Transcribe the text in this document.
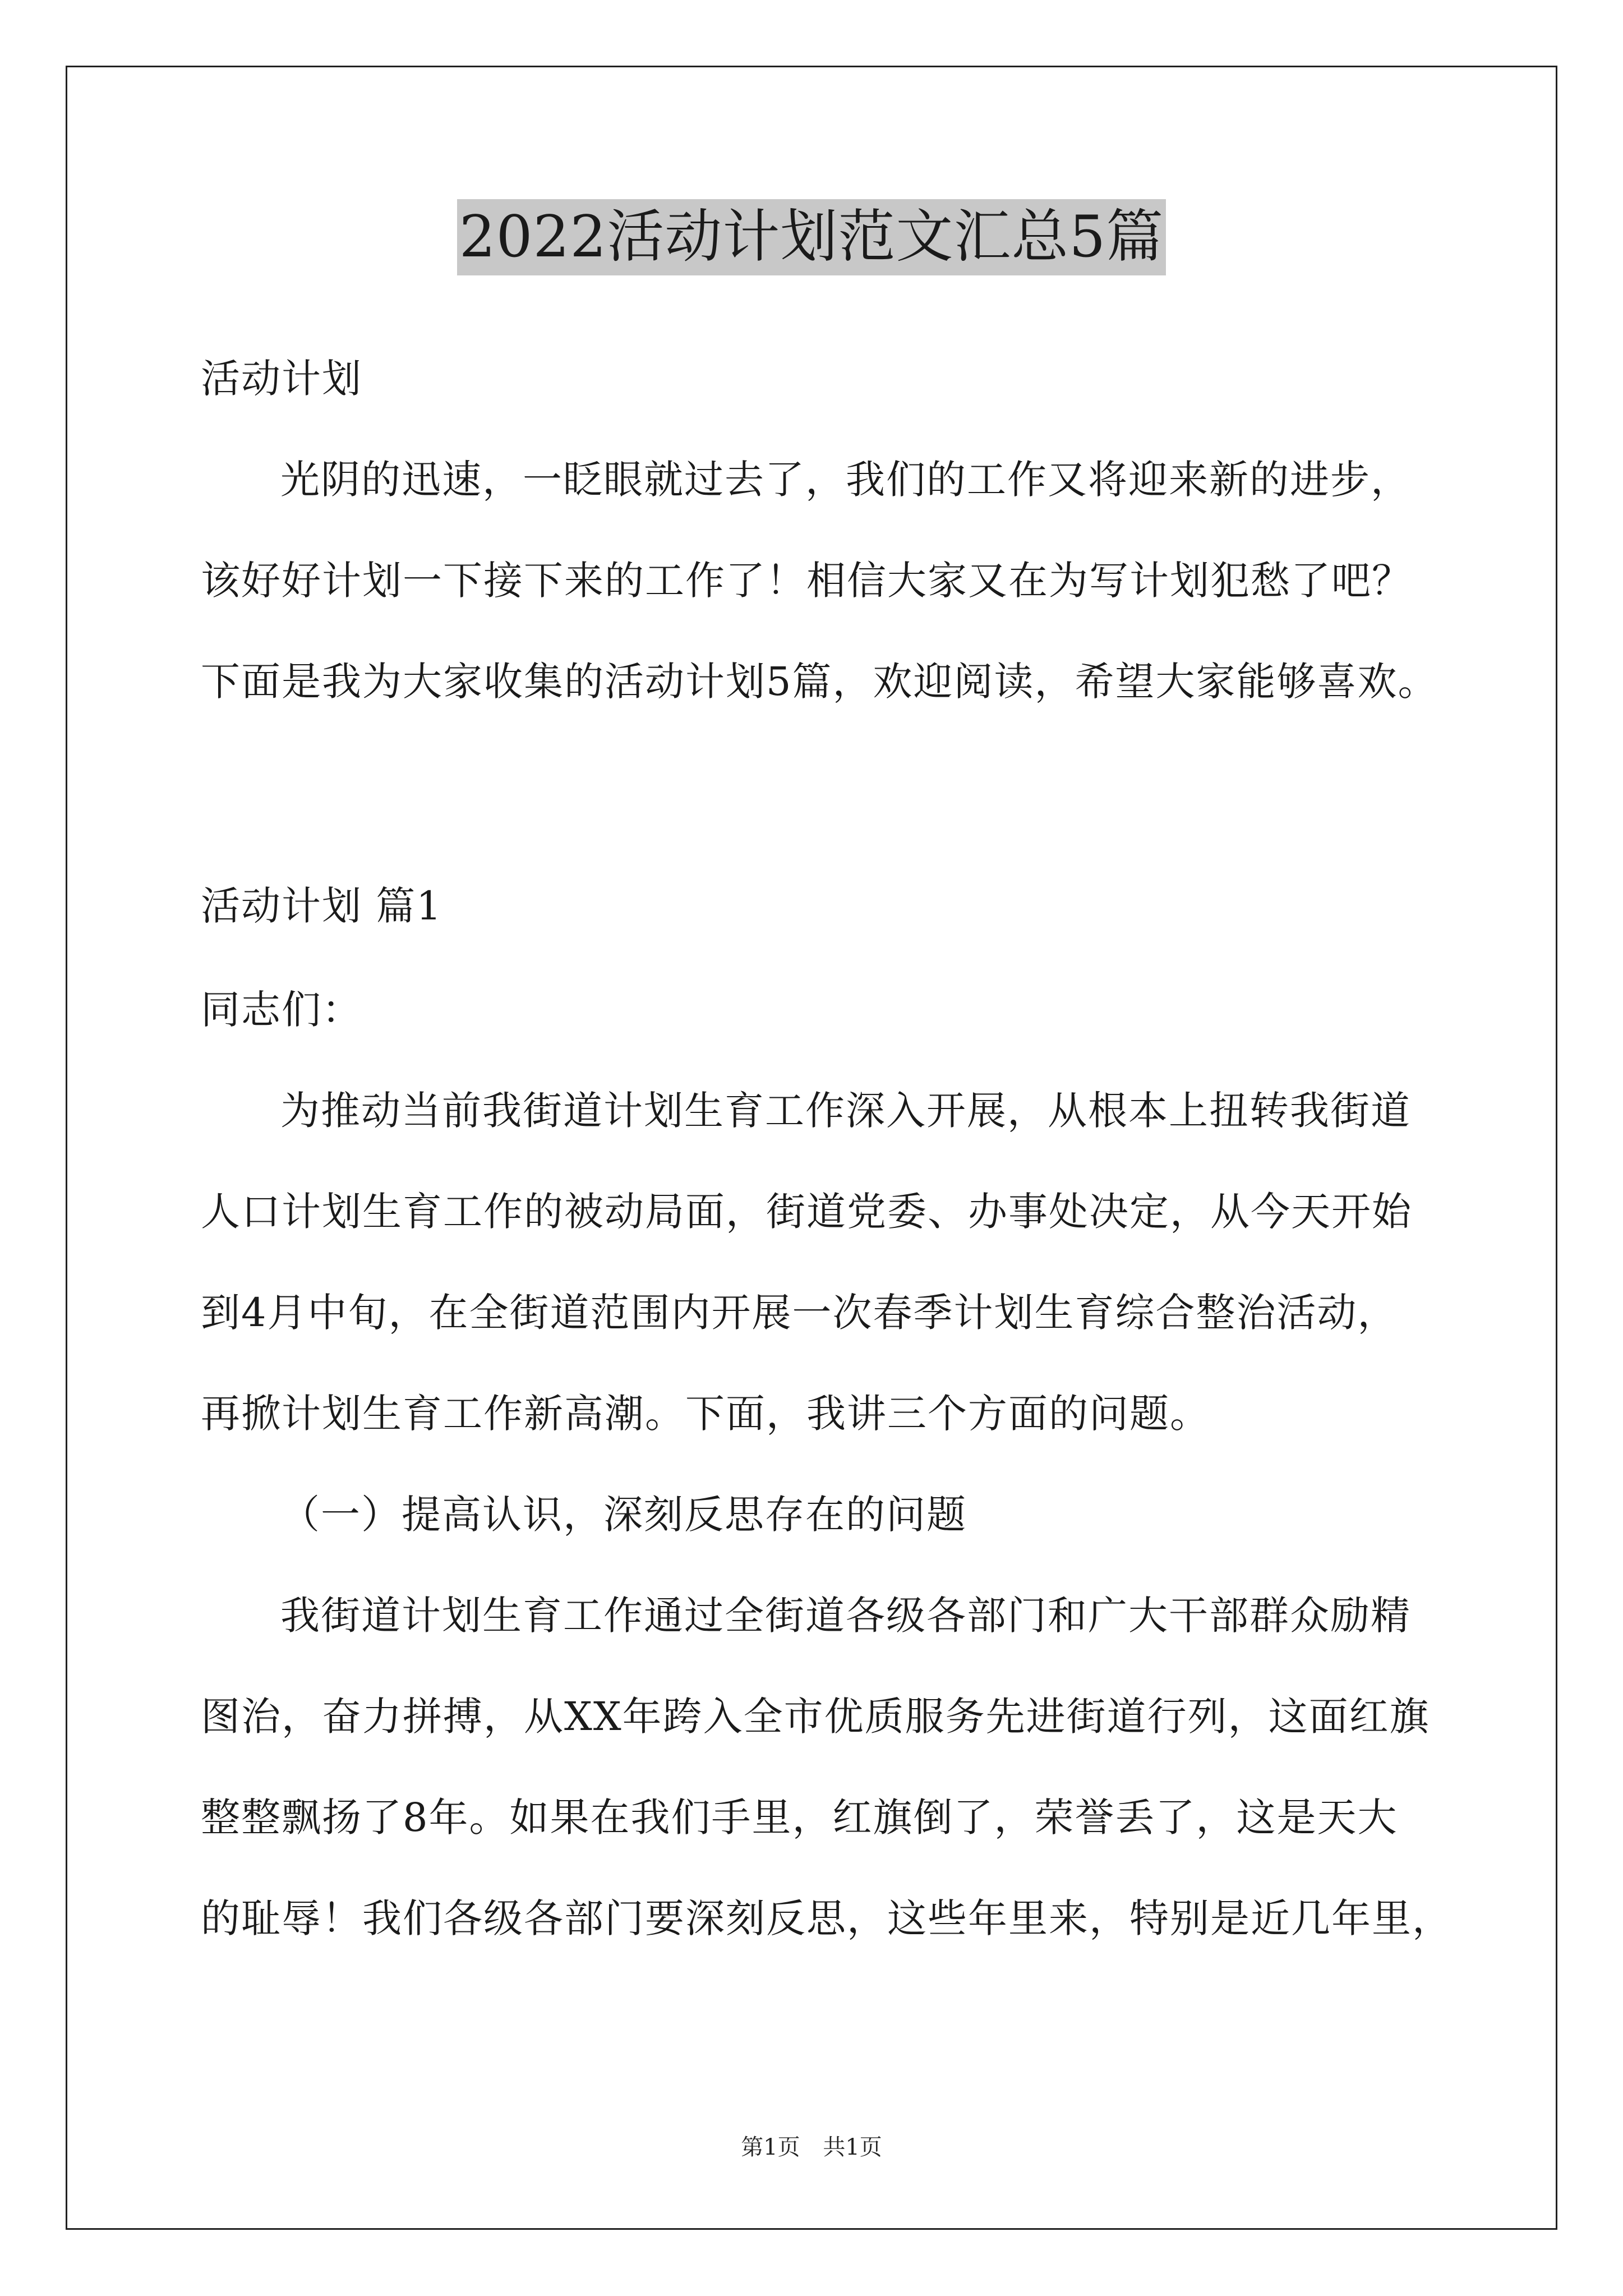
2022活动计划范文汇总5篇
活动计划
光阴的迅速，一眨眼就过去了，我们的工作又将迎来新的进步，
该好好计划一下接下来的工作了！相信大家又在为写计划犯愁了吧？
下面是我为大家收集的活动计划5篇，欢迎阅读，希望大家能够喜欢。
活动计划 篇1
同志们：
为推动当前我街道计划生育工作深入开展，从根本上扭转我街道
人口计划生育工作的被动局面，街道党委、办事处决定，从今天开始
到4月中旬，在全街道范围内开展一次春季计划生育综合整治活动，
再掀计划生育工作新高潮。下面，我讲三个方面的问题。
（一）提高认识，深刻反思存在的问题
我街道计划生育工作通过全街道各级各部门和广大干部群众励精
图治，奋力拼搏，从XX年跨入全市优质服务先进街道行列，这面红旗
整整飘扬了8年。如果在我们手里，红旗倒了，荣誉丢了，这是天大
的耻辱！我们各级各部门要深刻反思，这些年里来，特别是近几年里，
第1页 共1页
